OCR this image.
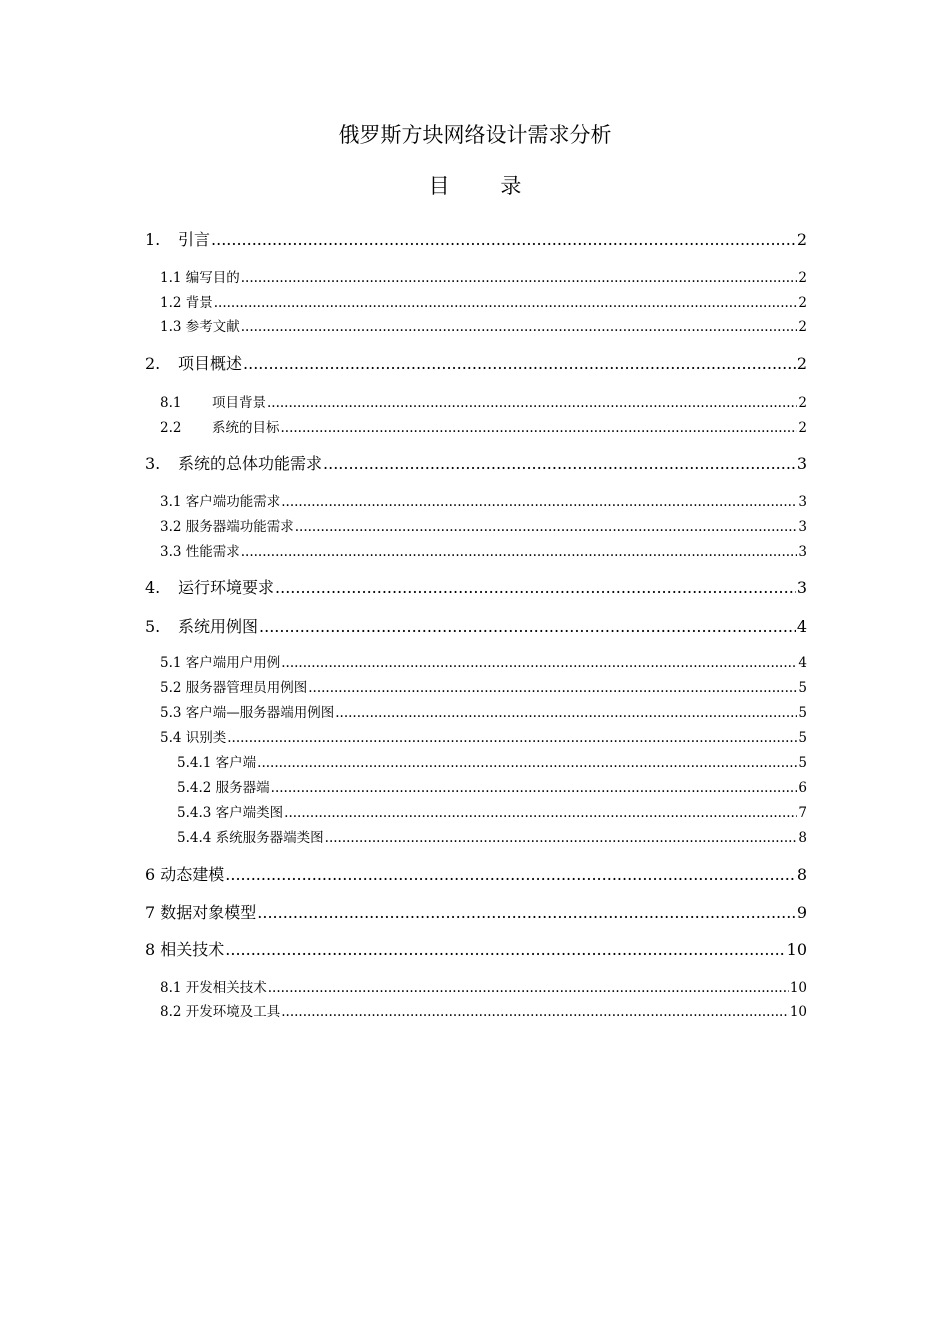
俄罗斯方块网络设计需求分析
目 录
1. 引言 .....	2
1.1 编写目的 .....	2
1.2 背景 .....	2
1.3 参考文献 .....	2
2. 项目概述 .....	2
8.1 项目背景 .....	2
2.2 系统的目标 .....	2
3. 系统的总体功能需求 .....	3
3.1 客户端功能需求 .....	3
3.2 服务器端功能需求 .....	3
3.3 性能需求 .....	3
4. 运行环境要求 .....	3
5. 系统用例图 .....	4
5.1 客户端用户用例 .....	4
5.2 服务器管理员用例图 .....	5
5.3 客户端—服务器端用例图 .....	5
5.4 识别类 .....	5
5.4.1 客户端 .....	5
5.4.2 服务器端 .....	6
5.4.3 客户端类图 .....	7
5.4.4 系统服务器端类图 .....	8
6 动态建模 .....	8
7 数据对象模型 .....	9
8 相关技术 .....	10
8.1 开发相关技术 .....	10
8.2 开发环境及工具 .....	10
